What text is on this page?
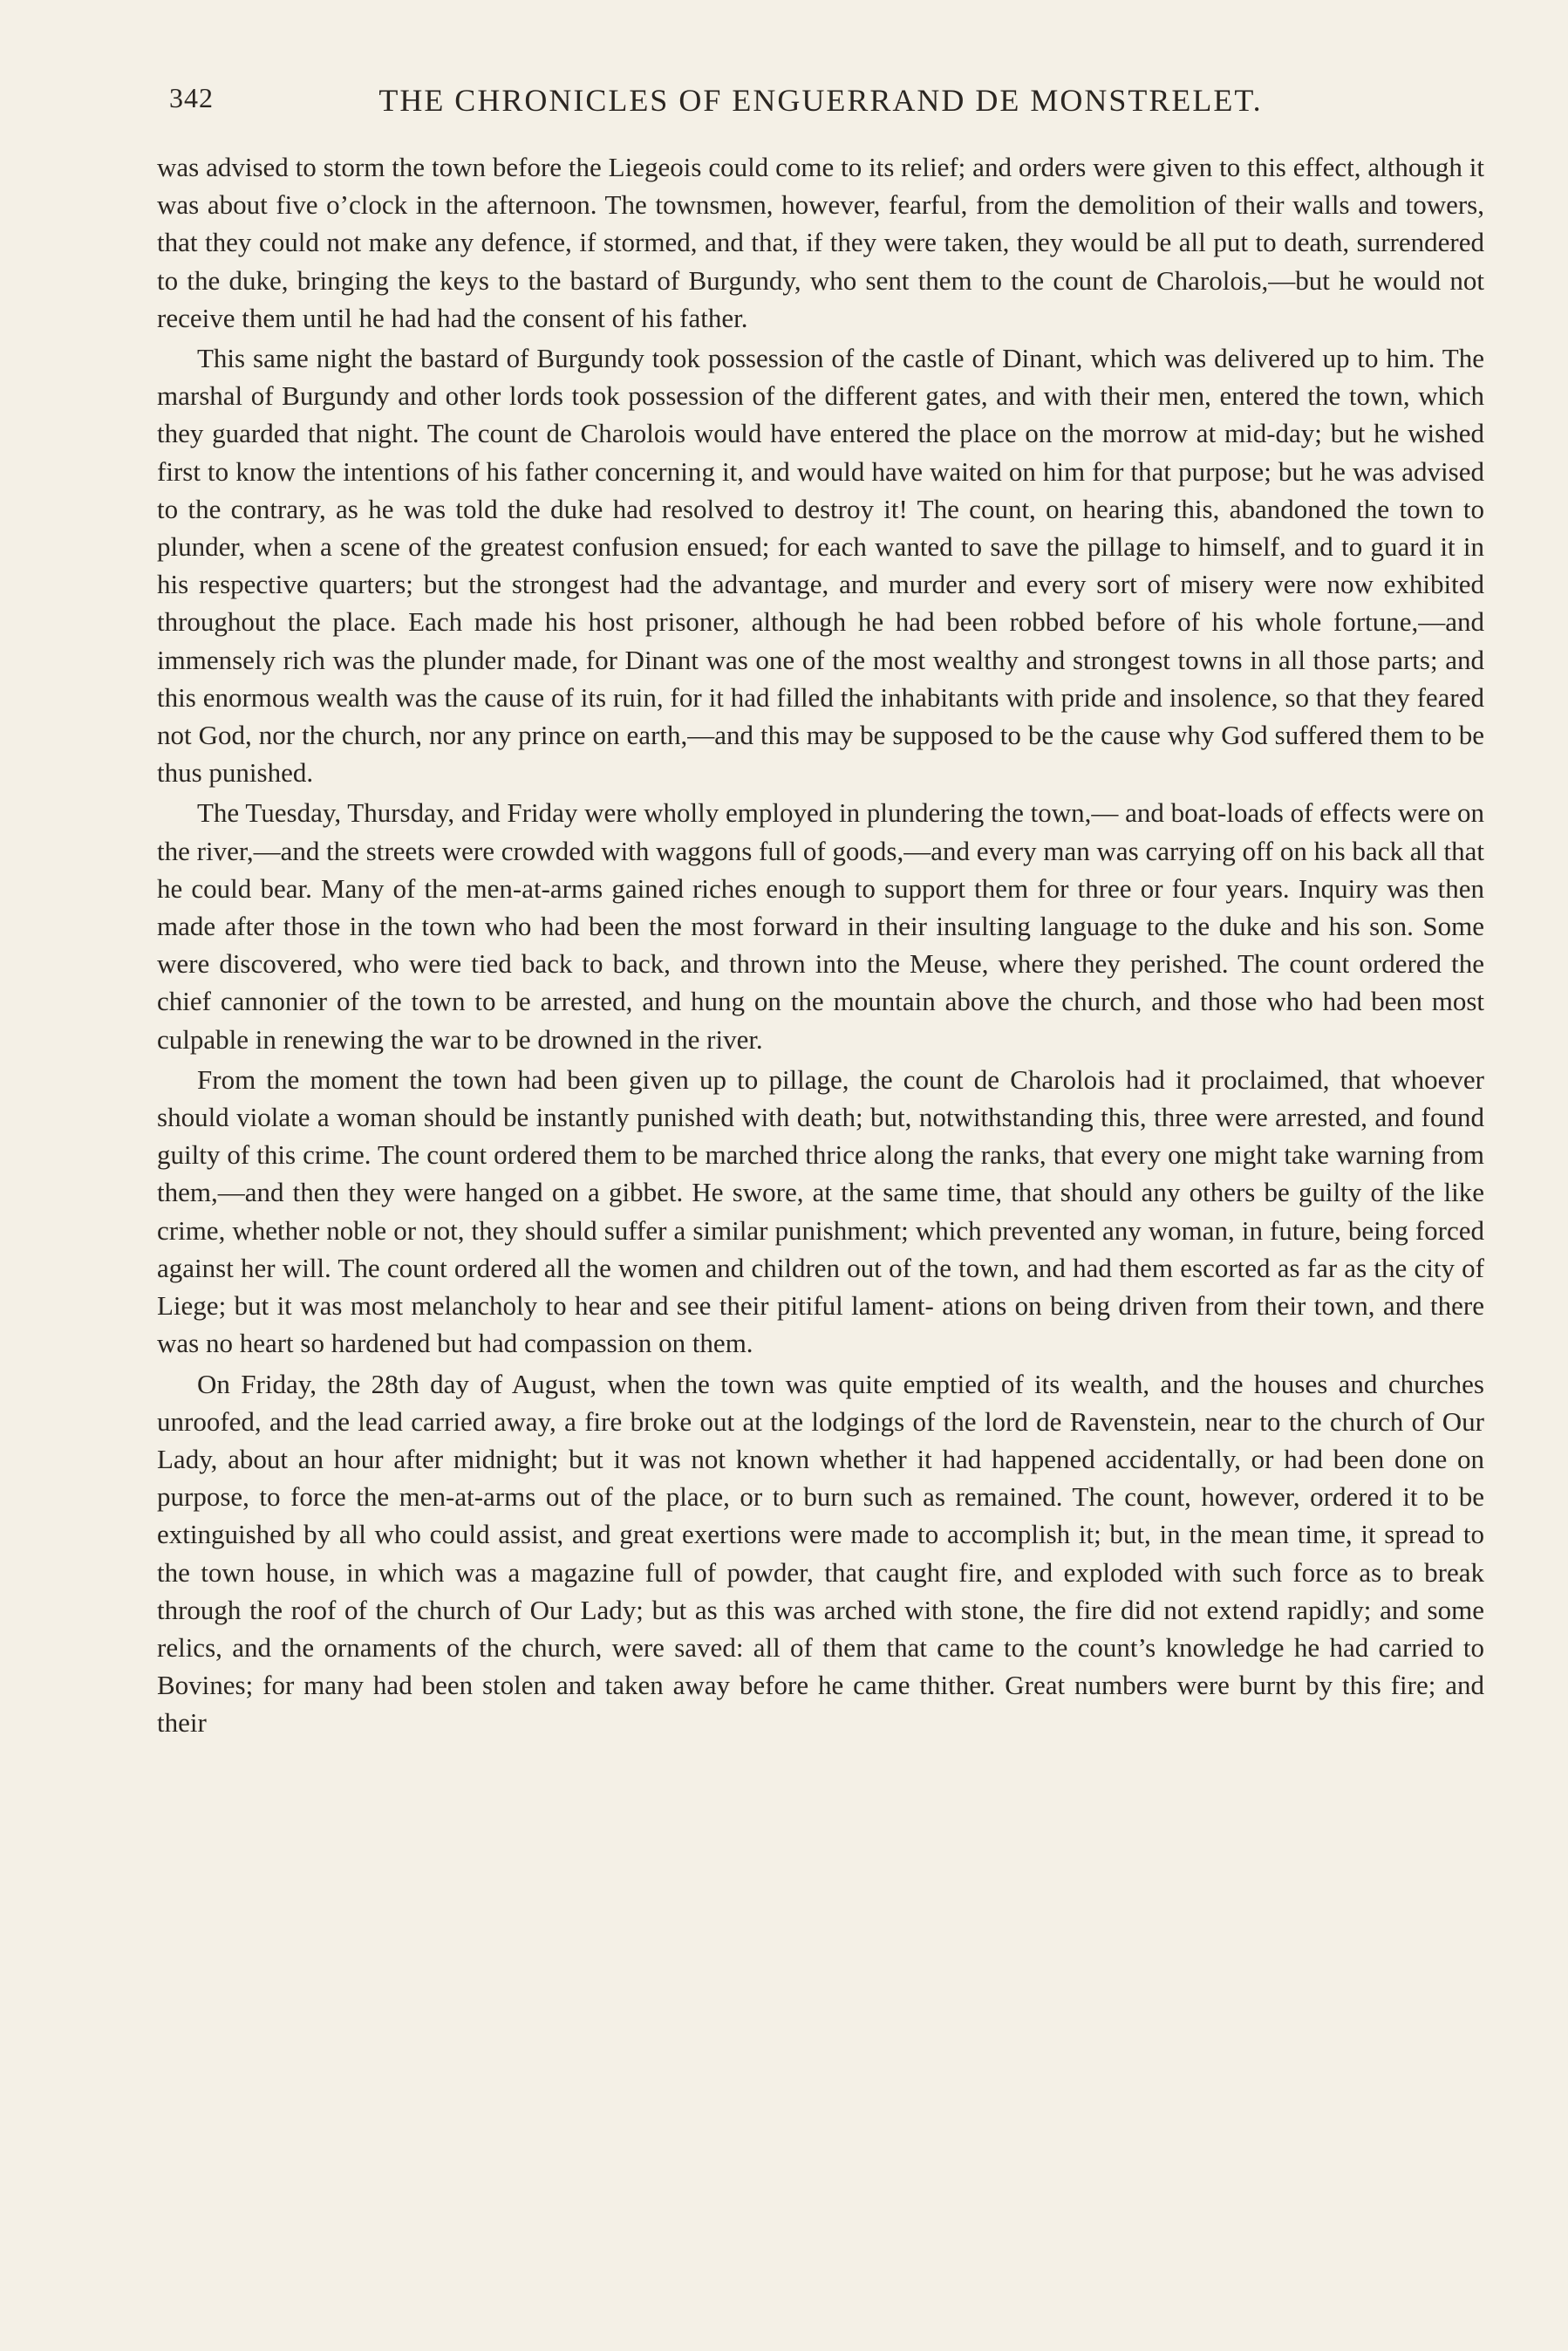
342	THE CHRONICLES OF ENGUERRAND DE MONSTRELET.

was advised to storm the town before the Liegeois could come to its relief; and orders were given to this effect, although it was about five o’clock in the afternoon. The townsmen, however, fearful, from the demolition of their walls and towers, that they could not make any defence, if stormed, and that, if they were taken, they would be all put to death, surrendered to the duke, bringing the keys to the bastard of Burgundy, who sent them to the count de Charolois,—but he would not receive them until he had had the consent of his father.

This same night the bastard of Burgundy took possession of the castle of Dinant, which was delivered up to him. The marshal of Burgundy and other lords took possession of the different gates, and with their men, entered the town, which they guarded that night. The count de Charolois would have entered the place on the morrow at mid-day; but he wished first to know the intentions of his father concerning it, and would have waited on him for that purpose; but he was advised to the contrary, as he was told the duke had resolved to destroy it! The count, on hearing this, abandoned the town to plunder, when a scene of the greatest confusion ensued; for each wanted to save the pillage to himself, and to guard it in his respective quarters; but the strongest had the advantage, and murder and every sort of misery were now exhibited throughout the place. Each made his host prisoner, although he had been robbed before of his whole fortune,—and immensely rich was the plunder made, for Dinant was one of the most wealthy and strongest towns in all those parts; and this enormous wealth was the cause of its ruin, for it had filled the inhabitants with pride and insolence, so that they feared not God, nor the church, nor any prince on earth,—and this may be supposed to be the cause why God suffered them to be thus punished.

The Tuesday, Thursday, and Friday were wholly employed in plundering the town,— and boat-loads of effects were on the river,—and the streets were crowded with waggons full of goods,—and every man was carrying off on his back all that he could bear. Many of the men-at-arms gained riches enough to support them for three or four years. Inquiry was then made after those in the town who had been the most forward in their insulting language to the duke and his son. Some were discovered, who were tied back to back, and thrown into the Meuse, where they perished. The count ordered the chief cannonier of the town to be arrested, and hung on the mountain above the church, and those who had been most culpable in renewing the war to be drowned in the river.

From the moment the town had been given up to pillage, the count de Charolois had it proclaimed, that whoever should violate a woman should be instantly punished with death; but, notwithstanding this, three were arrested, and found guilty of this crime. The count ordered them to be marched thrice along the ranks, that every one might take warning from them,—and then they were hanged on a gibbet. He swore, at the same time, that should any others be guilty of the like crime, whether noble or not, they should suffer a similar punishment; which prevented any woman, in future, being forced against her will. The count ordered all the women and children out of the town, and had them escorted as far as the city of Liege; but it was most melancholy to hear and see their pitiful lament- ations on being driven from their town, and there was no heart so hardened but had compassion on them.

On Friday, the 28th day of August, when the town was quite emptied of its wealth, and the houses and churches unroofed, and the lead carried away, a fire broke out at the lodgings of the lord de Ravenstein, near to the church of Our Lady, about an hour after midnight; but it was not known whether it had happened accidentally, or had been done on purpose, to force the men-at-arms out of the place, or to burn such as remained. The count, however, ordered it to be extinguished by all who could assist, and great exertions were made to accomplish it; but, in the mean time, it spread to the town house, in which was a magazine full of powder, that caught fire, and exploded with such force as to break through the roof of the church of Our Lady; but as this was arched with stone, the fire did not extend rapidly; and some relics, and the ornaments of the church, were saved: all of them that came to the count’s knowledge he had carried to Bovines; for many had been stolen and taken away before he came thither. Great numbers were burnt by this fire; and their
